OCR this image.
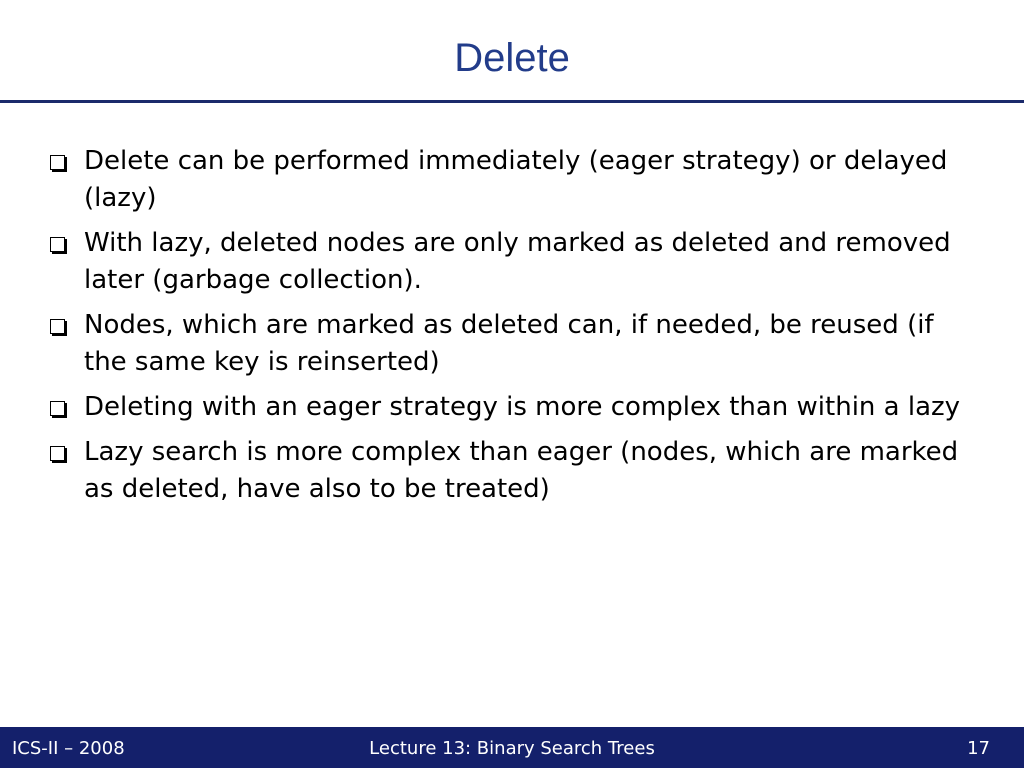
Delete
Delete can be performed immediately (eager strategy) or delayed (lazy)
With lazy, deleted nodes are only marked as deleted and removed later (garbage collection).
Nodes, which are marked as deleted can, if needed, be reused (if the same key is reinserted)
Deleting with an eager strategy is more complex than within a lazy
Lazy search is more complex than eager (nodes, which are marked as deleted, have also to be treated)
ICS-II – 2008	Lecture 13: Binary Search Trees	17
